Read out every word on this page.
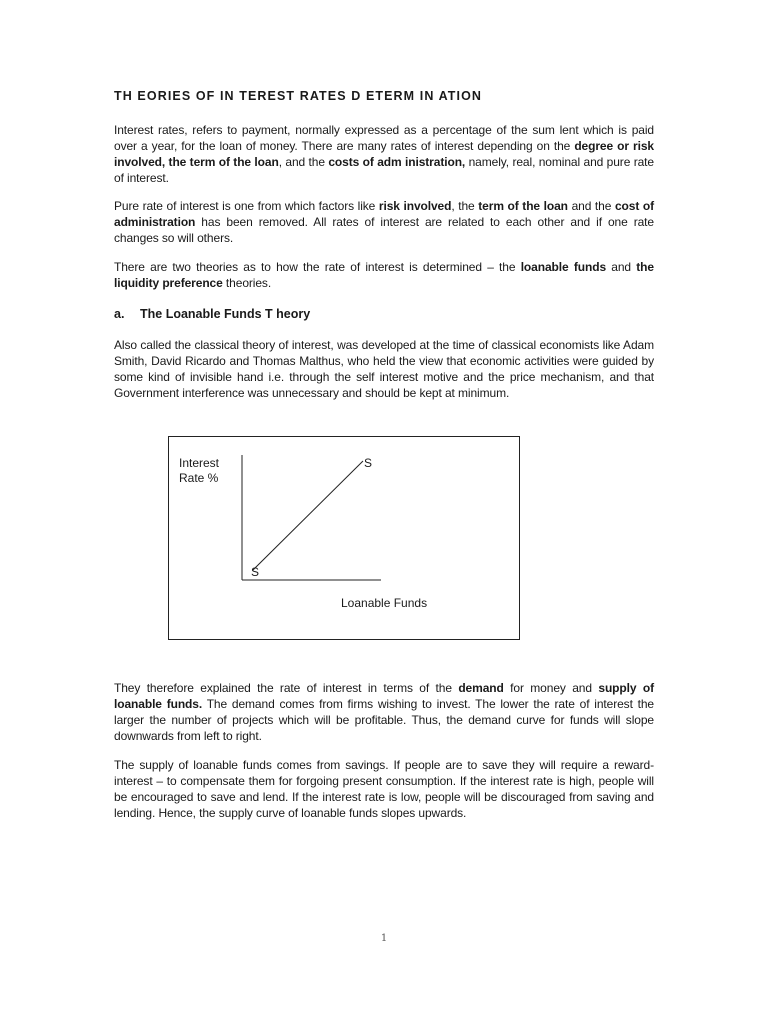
TH EORIES OF IN TEREST RATES D ETERM IN ATION

Interest rates, refers to payment, normally expressed as a percentage of the sum lent which is paid over a year, for the loan of money. There are many rates of interest depending on the degree or risk involved, the term of the loan, and the costs of adm inistration, namely, real, nominal and pure rate of interest.

Pure rate of interest is one from which factors like risk involved, the term of the loan and the cost of administration has been removed. All rates of interest are related to each other and if one rate changes so will others.

There are two theories as to how the rate of interest is determined – the loanable funds and the liquidity preference theories.

a. The Loanable Funds T heory

Also called the classical theory of interest, was developed at the time of classical economists like Adam Smith, David Ricardo and Thomas Malthus, who held the view that economic activities were guided by some kind of invisible hand i.e. through the self interest motive and the price mechanism, and that Government interference was unnecessary and should be kept at minimum.

Interest
Rate %
S
S
Loanable Funds

They therefore explained the rate of interest in terms of the demand for money and supply of loanable funds. The demand comes from firms wishing to invest. The lower the rate of interest the larger the number of projects which will be profitable. Thus, the demand curve for funds will slope downwards from left to right.

The supply of loanable funds comes from savings. If people are to save they will require a reward-interest – to compensate them for forgoing present consumption. If the interest rate is high, people will be encouraged to save and lend. If the interest rate is low, people will be discouraged from saving and lending. Hence, the supply curve of loanable funds slopes upwards.

1
